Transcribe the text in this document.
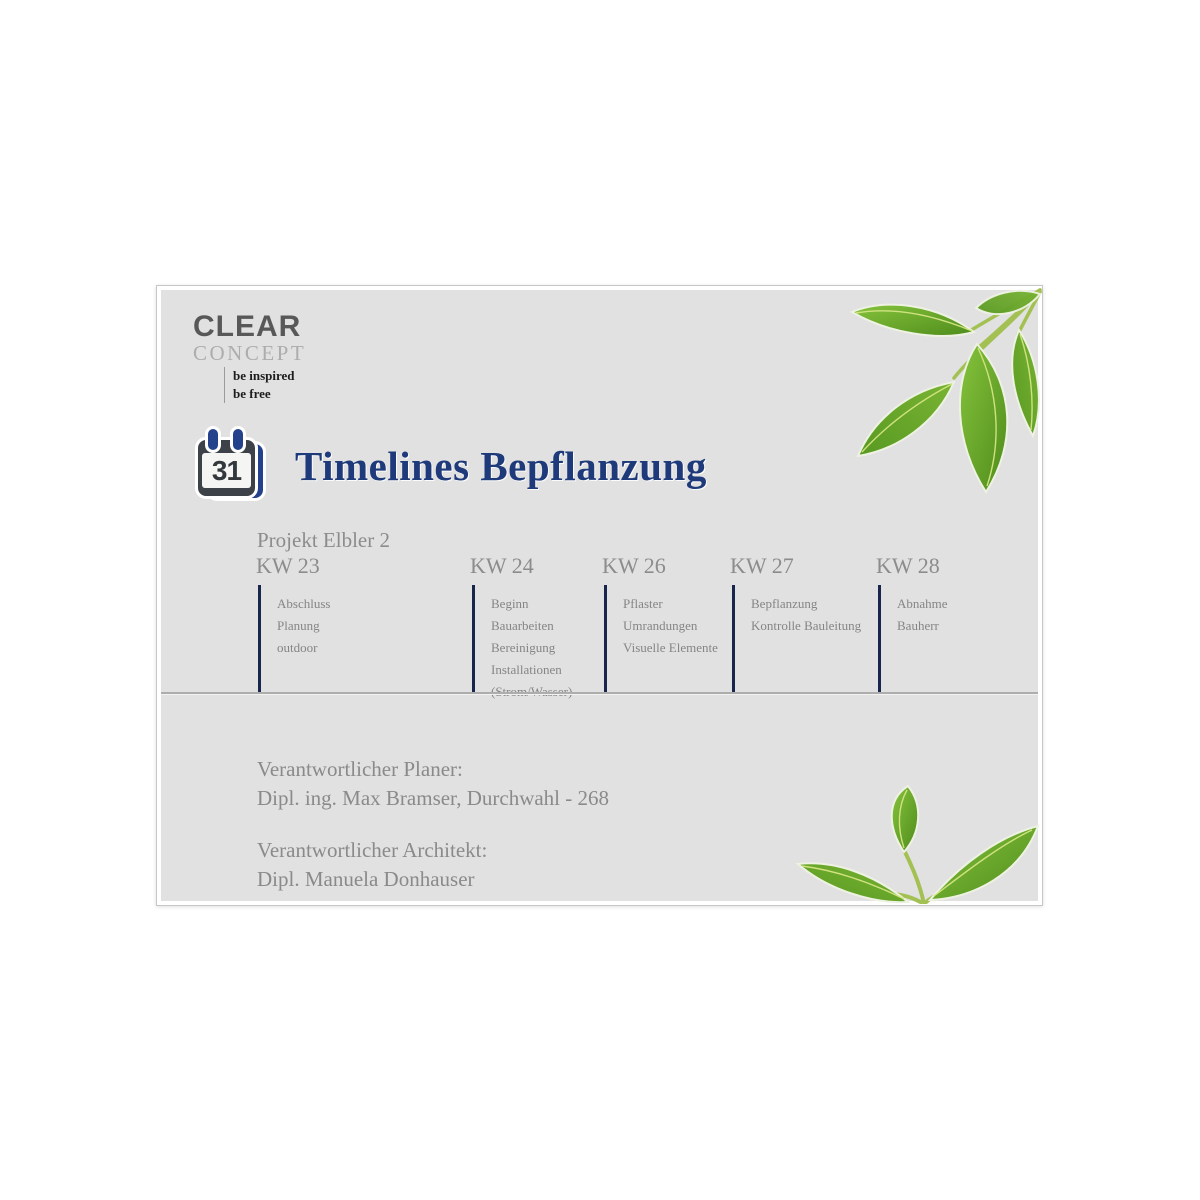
CLEAR
CONCEPT
be inspired
be free
31 Timelines Bepflanzung
Projekt Elbler 2
KW 23
Abschluss
Planung
outdoor
KW 24
Beginn
Bauarbeiten
Bereinigung
Installationen
KW 26
Pflaster
Umrandungen
Visuelle Elemente
KW 27
Bepflanzung
Kontrolle Bauleitung
KW 28
Abnahme
Bauherr
Verantwortlicher Planer:
Dipl. ing. Max Bramser, Durchwahl - 268
Verantwortlicher Architekt:
Dipl. Manuela Donhauser
